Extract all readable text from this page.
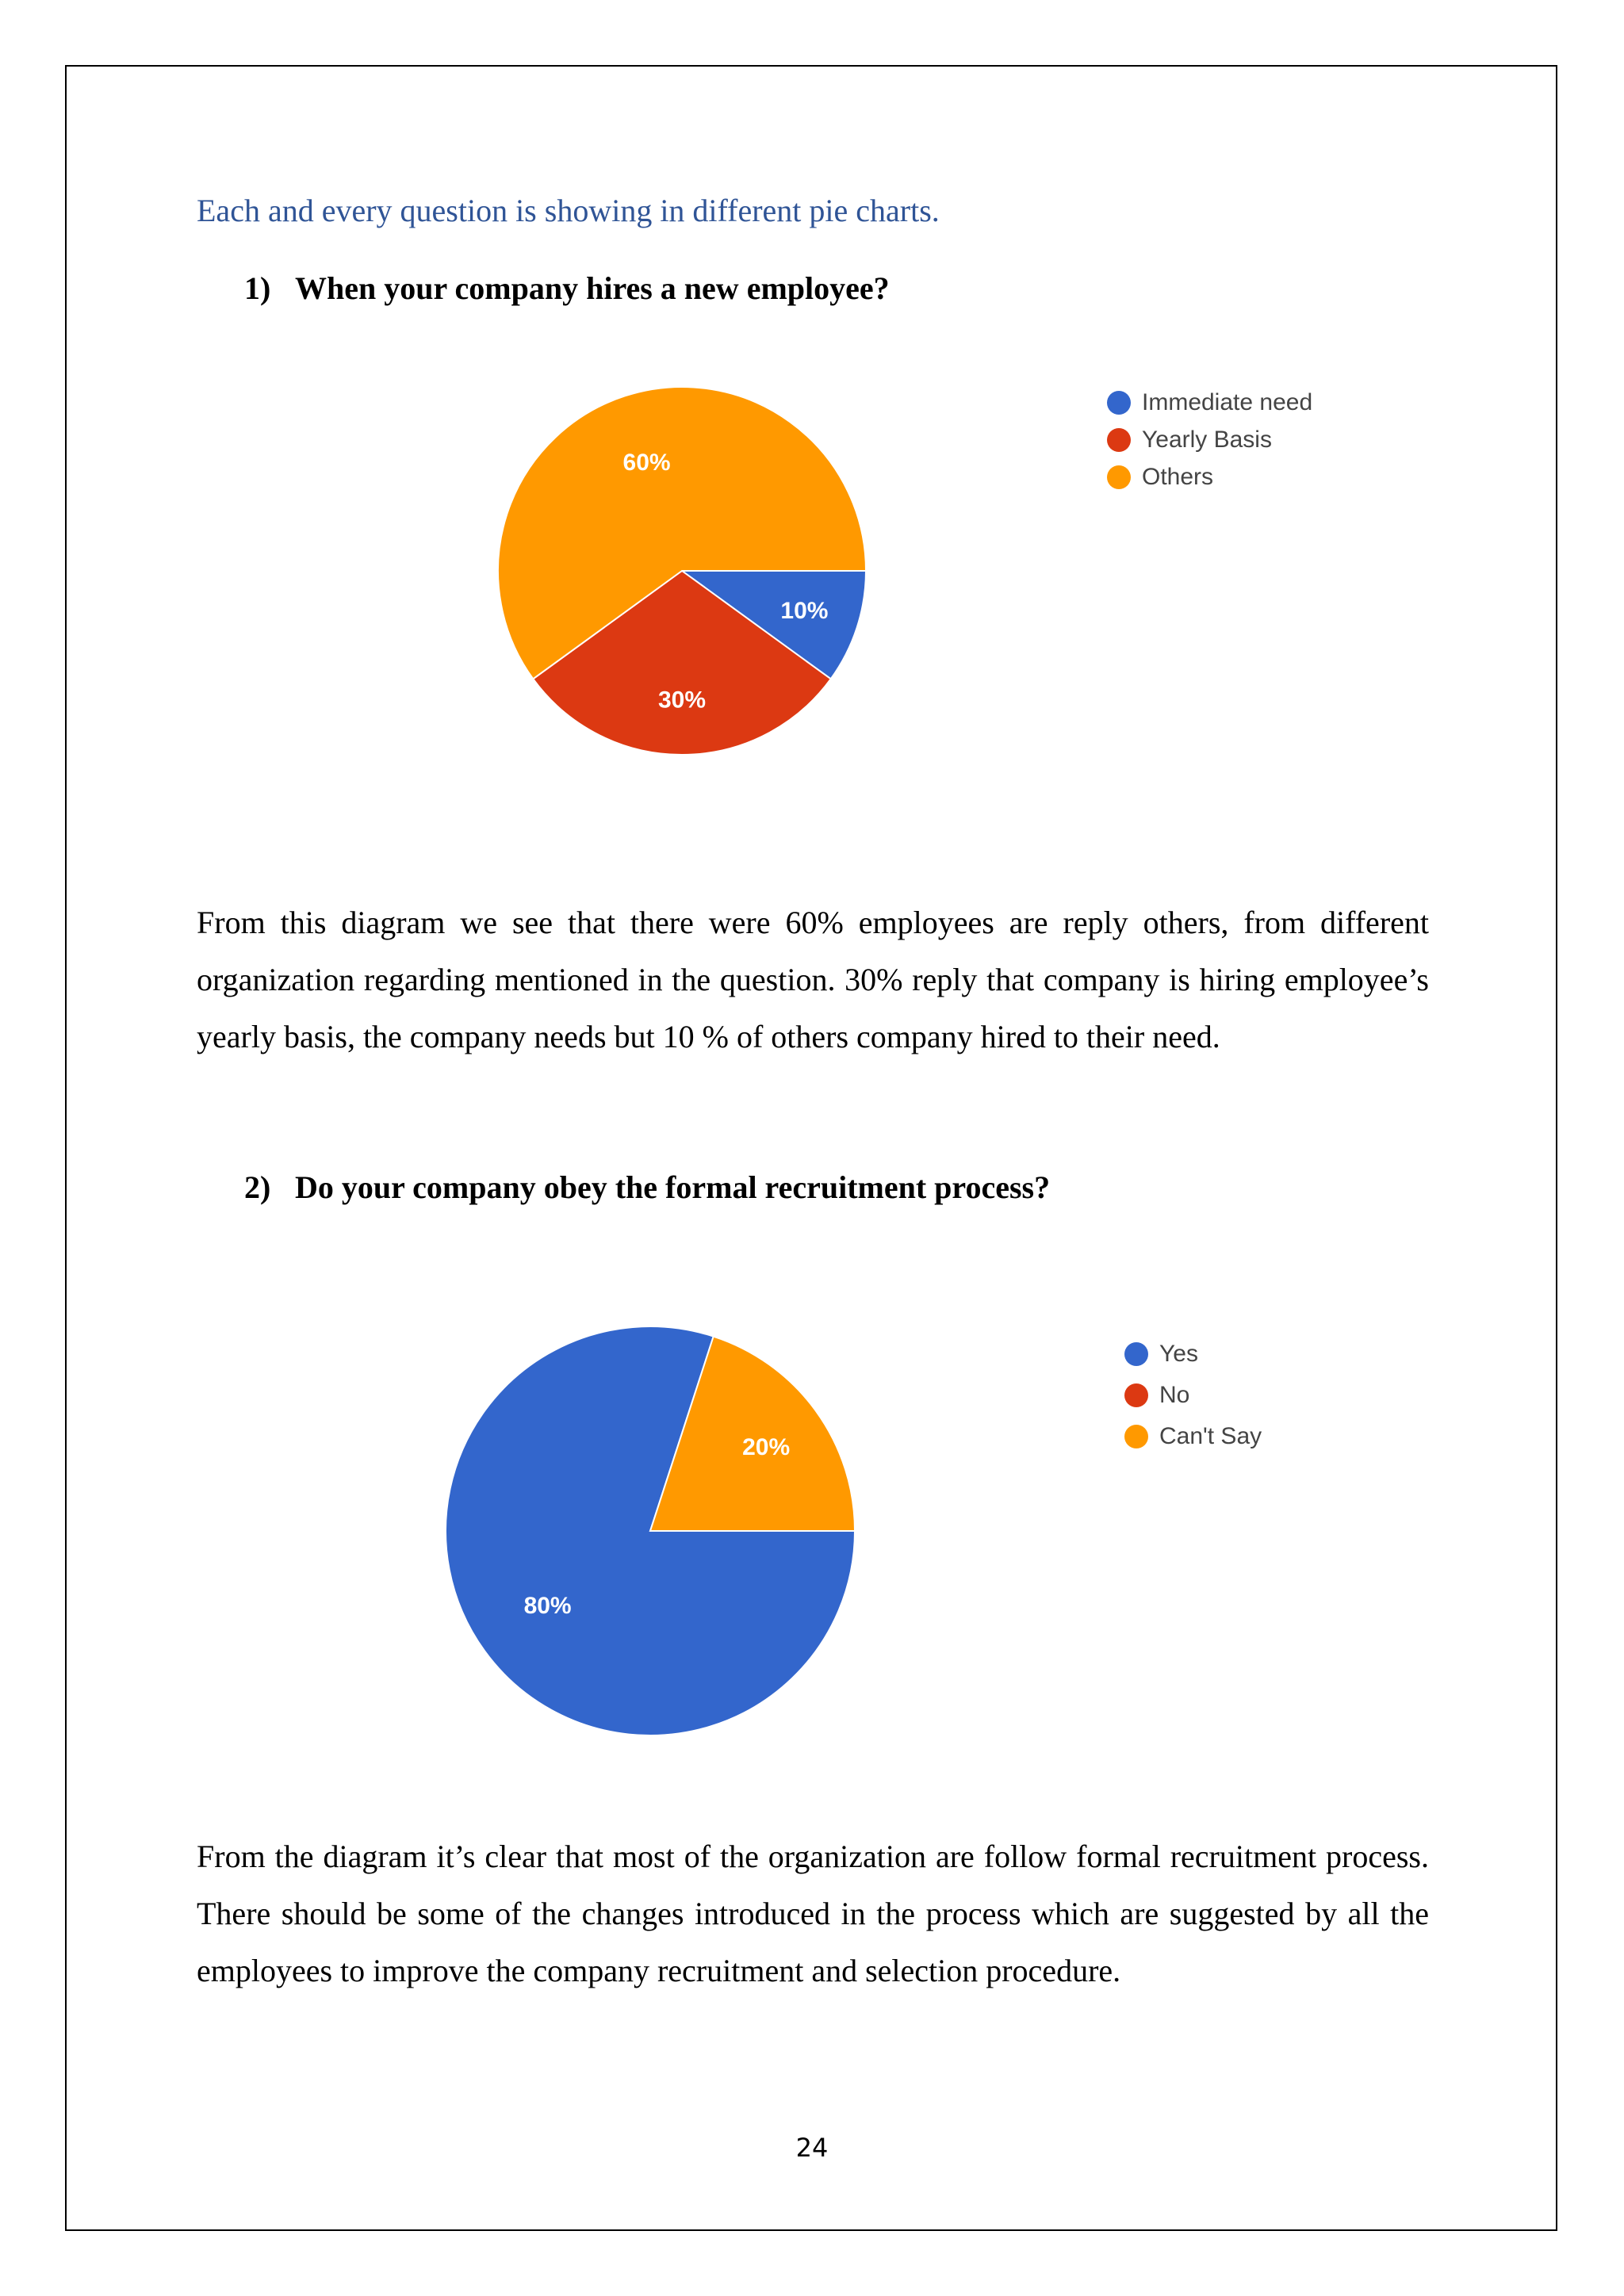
Each and every question is showing in different pie charts.
1) When your company hires a new employee?
10%
30%
60%
Immediate need
Yearly Basis
Others
From this diagram we see that there were 60% employees are reply others, from different organization regarding mentioned in the question. 30% reply that company is hiring employee’s yearly basis, the company needs but 10 % of others company hired to their need.
2) Do your company obey the formal recruitment process?
80%
20%
Yes
No
Can't Say
From the diagram it’s clear that most of the organization are follow formal recruitment process. There should be some of the changes introduced in the process which are suggested by all the employees to improve the company recruitment and selection procedure.
24
